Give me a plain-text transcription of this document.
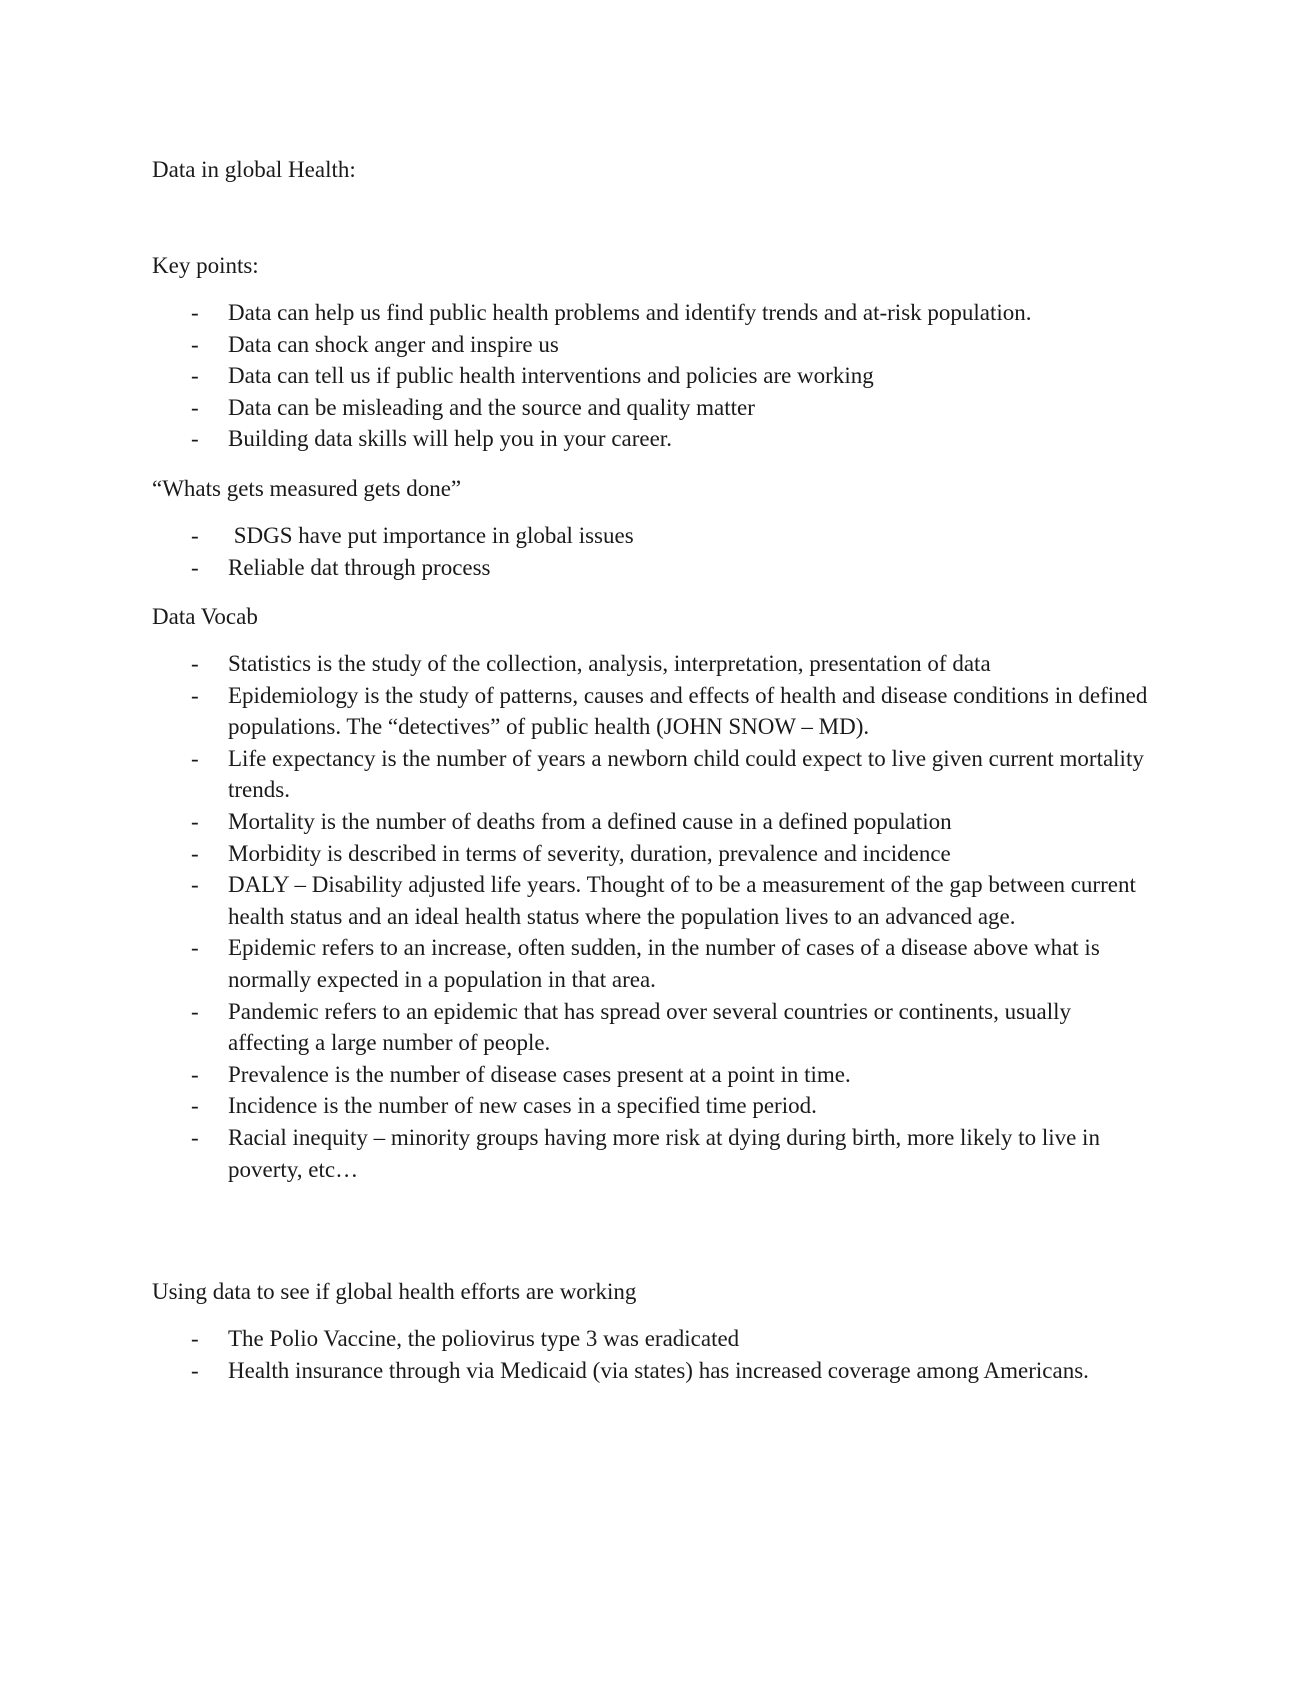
Data in global Health:
Key points:
- Data can help us find public health problems and identify trends and at-risk population.
- Data can shock anger and inspire us
- Data can tell us if public health interventions and policies are working
- Data can be misleading and the source and quality matter
- Building data skills will help you in your career.
“Whats gets measured gets done”
- SDGS have put importance in global issues
- Reliable dat through process
Data Vocab
- Statistics is the study of the collection, analysis, interpretation, presentation of data
- Epidemiology is the study of patterns, causes and effects of health and disease conditions in defined populations. The “detectives” of public health (JOHN SNOW – MD).
- Life expectancy is the number of years a newborn child could expect to live given current mortality trends.
- Mortality is the number of deaths from a defined cause in a defined population
- Morbidity is described in terms of severity, duration, prevalence and incidence
- DALY – Disability adjusted life years. Thought of to be a measurement of the gap between current health status and an ideal health status where the population lives to an advanced age.
- Epidemic refers to an increase, often sudden, in the number of cases of a disease above what is normally expected in a population in that area.
- Pandemic refers to an epidemic that has spread over several countries or continents, usually affecting a large number of people.
- Prevalence is the number of disease cases present at a point in time.
- Incidence is the number of new cases in a specified time period.
- Racial inequity – minority groups having more risk at dying during birth, more likely to live in poverty, etc…
Using data to see if global health efforts are working
- The Polio Vaccine, the poliovirus type 3 was eradicated
- Health insurance through via Medicaid (via states) has increased coverage among Americans.
